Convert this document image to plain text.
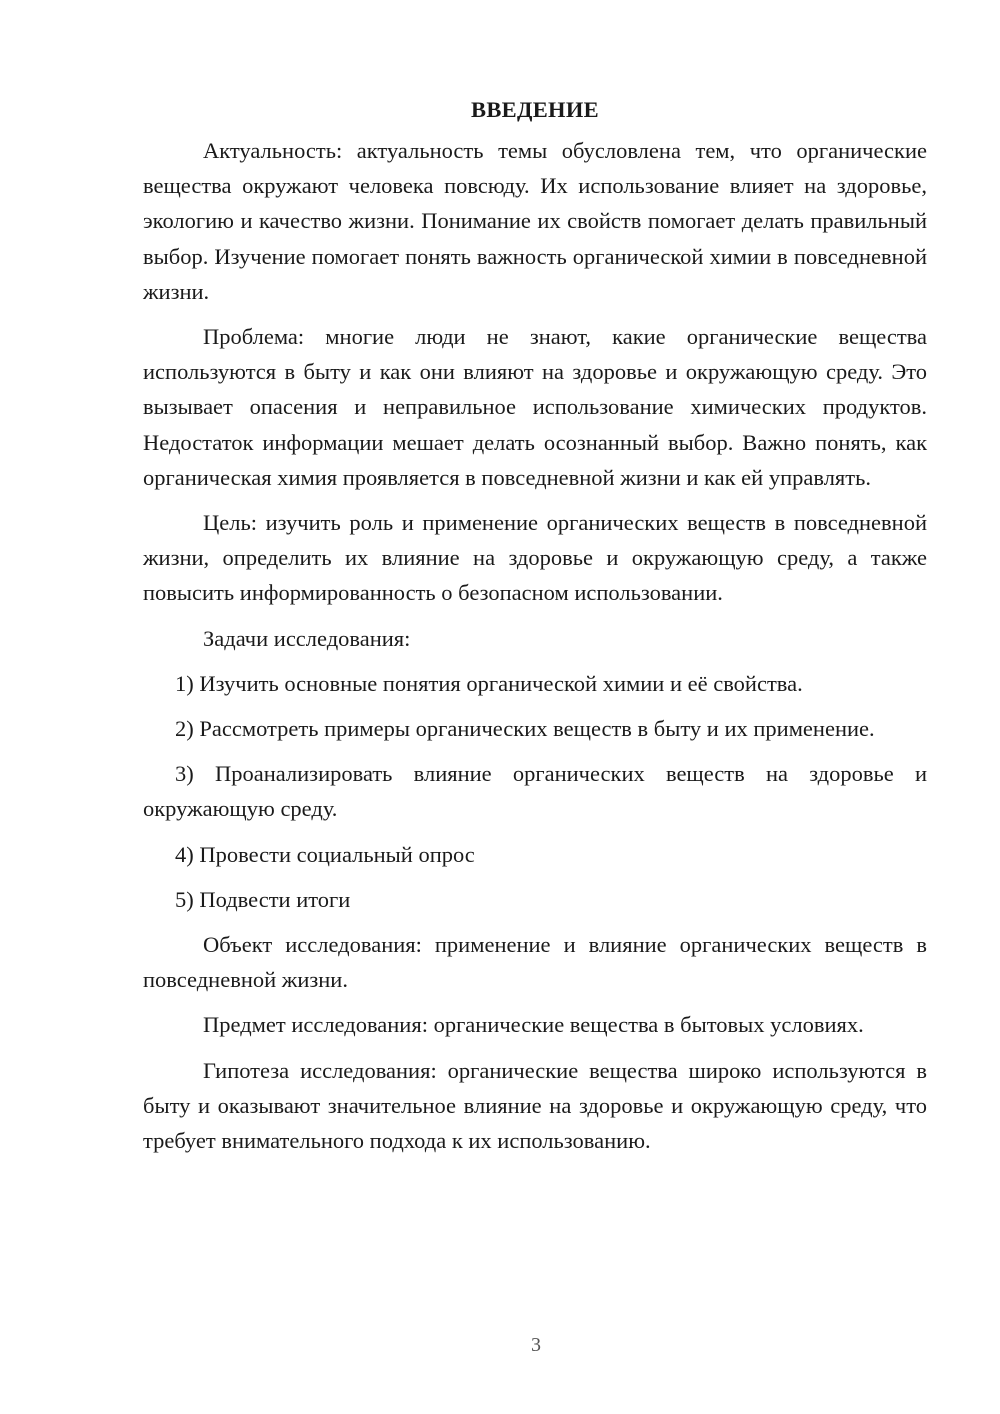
ВВЕДЕНИЕ

Актуальность: актуальность темы обусловлена тем, что органические вещества окружают человека повсюду. Их использование влияет на здоровье, экологию и качество жизни. Понимание их свойств помогает делать правильный выбор. Изучение помогает понять важность органической химии в повседневной жизни.

Проблема: многие люди не знают, какие органические вещества используются в быту и как они влияют на здоровье и окружающую среду. Это вызывает опасения и неправильное использование химических продуктов. Недостаток информации мешает делать осознанный выбор. Важно понять, как органическая химия проявляется в повседневной жизни и как ей управлять.

Цель: изучить роль и применение органических веществ в повседневной жизни, определить их влияние на здоровье и окружающую среду, а также повысить информированность о безопасном использовании.

Задачи исследования:

1) Изучить основные понятия органической химии и её свойства.

2) Рассмотреть примеры органических веществ в быту и их применение.

3) Проанализировать влияние органических веществ на здоровье и окружающую среду.

4) Провести социальный опрос

5) Подвести итоги

Объект исследования: применение и влияние органических веществ в повседневной жизни.

Предмет исследования: органические вещества в бытовых условиях.

Гипотеза исследования: органические вещества широко используются в быту и оказывают значительное влияние на здоровье и окружающую среду, что требует внимательного подхода к их использованию.

3
